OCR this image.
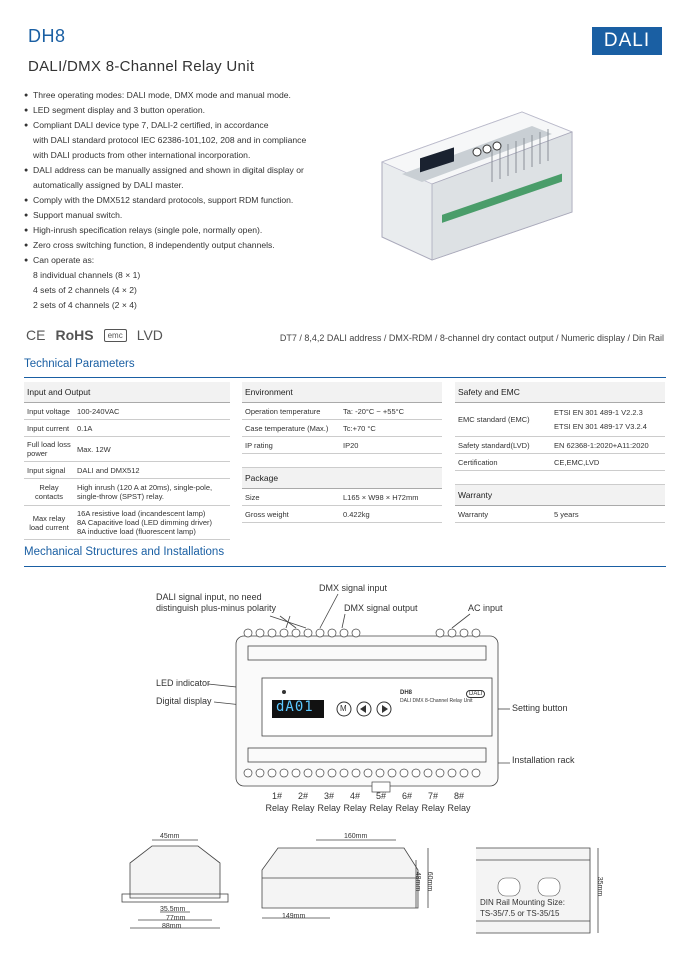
DH8	DALI
DALI/DMX 8-Channel Relay Unit
● Three operating modes: DALI mode, DMX mode and manual mode.
● LED segment display and 3 button operation.
● Compliant DALI device type 7, DALI-2 certified, in accordance
with DALI standard protocol IEC 62386-101,102, 208 and in compliance
with DALI products from other international incorporation.
● DALI address can be manually assigned and shown in digital display or
automatically assigned by DALI master.
● Comply with the DMX512 standard protocols, support RDM function.
● Support manual switch.
● High-inrush specification relays (single pole, normally open).
● Zero cross switching function, 8 independently output channels.
● Can operate as:
8 individual channels (8 × 1)
4 sets of 2 channels (4 × 2)
2 sets of 4 channels (2 × 4)
CE RoHS	emc LVD	DT7 / 8,4,2 DALI address / DMX-RDM / 8-channel dry contact output / Numeric display / Din Rail
Technical Parameters
Input and Output	
Input voltage	100-240VAC
Input current	0.1A
Full load loss power	Max. 12W
Input signal	DALI and DMX512
Relay contacts	High inrush (120 A at 20ms), single-pole, single-throw (SPST) relay.
Max relay load current	16A resistive load (incandescent lamp)
8A Capacitive load (LED dimming driver)
8A inductive load (fluorescent lamp)
Environment	
Operation temperature	Ta: -20°C ~ +55°C
Case temperature (Max.)	Tc:+70 °C
IP rating	IP20

Package	
Size	L165 × W98 × H72mm
Gross weight	0.422kg
Safety and EMC	
EMC standard (EMC)	ETSI EN 301 489-1 V2.2.3
ETSI EN 301 489-17 V3.2.4

Safety standard(LVD)	EN 62368-1:2020+A11:2020
Certification	CE,EMC,LVD

Warranty	
Warranty	5 years
Mechanical Structures and Installations
DALI signal input, no need
distinguish plus-minus polarity
DMX signal input
DMX signal output	AC input
LED indicator
Digital display
Setting button
Installation rack
dA01	M
DH8
DALI DMX 8-Channel Relay Unit
DALI
1#
Relay
2#
Relay
3#
Relay
4#
Relay
5#
Relay
6#
Relay
7#
Relay
8#
Relay
45mm
35.5mm
77mm
88mm
160mm
149mm
48mm 60mm	35mm
DIN Rail Mounting Size:
TS-35/7.5 or TS-35/15
